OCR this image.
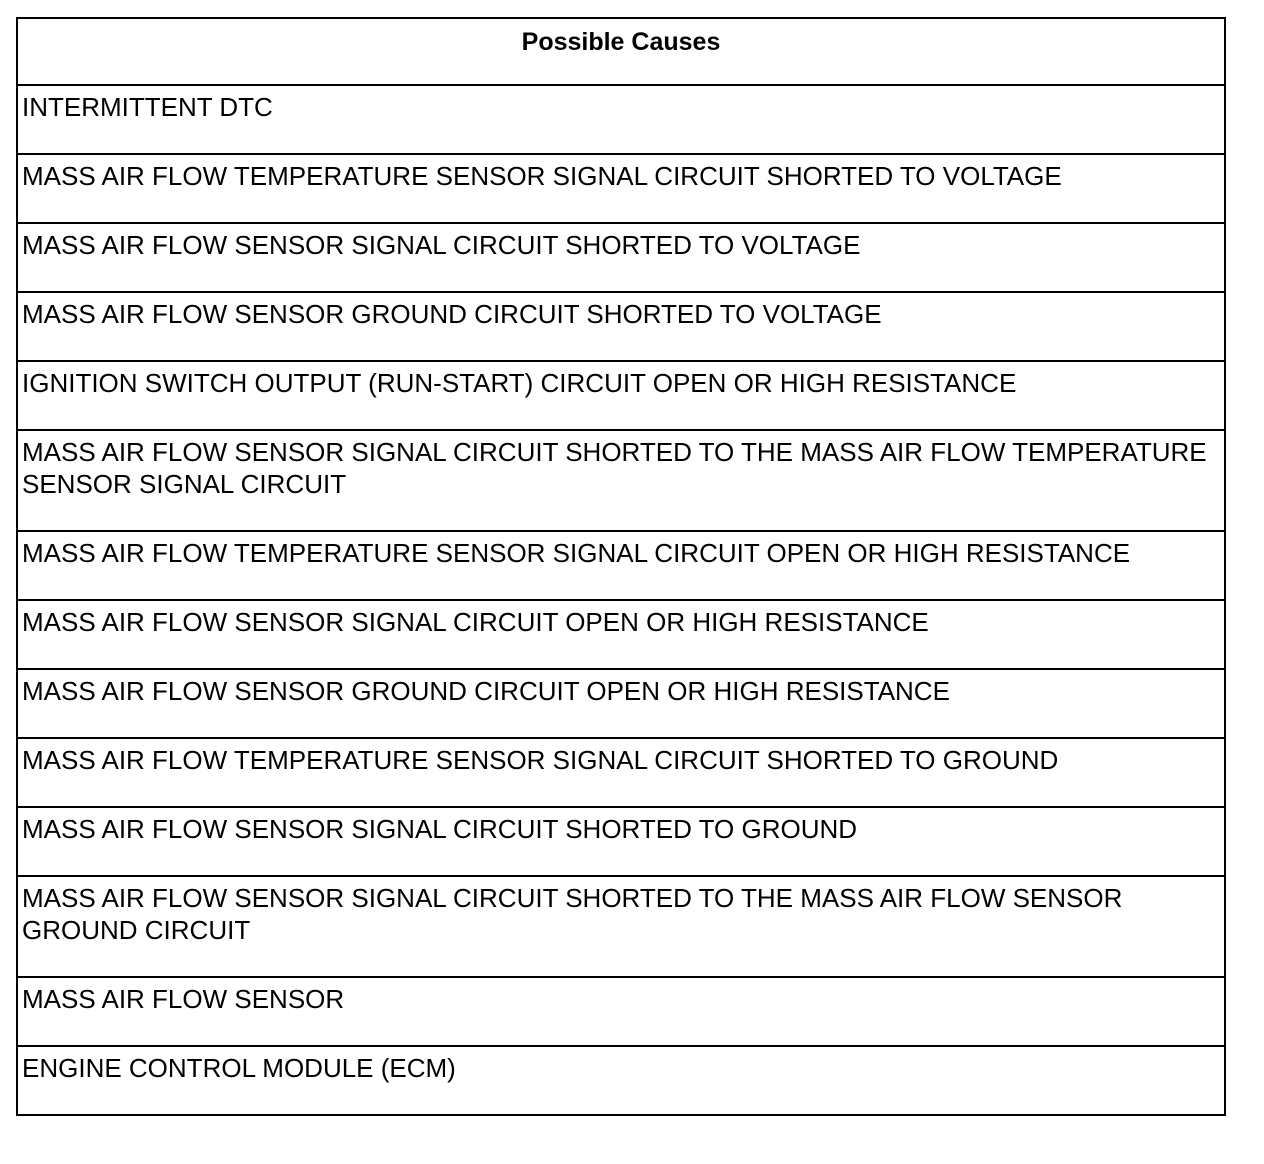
Possible Causes
INTERMITTENT DTC
MASS AIR FLOW TEMPERATURE SENSOR SIGNAL CIRCUIT SHORTED TO VOLTAGE
MASS AIR FLOW SENSOR SIGNAL CIRCUIT SHORTED TO VOLTAGE
MASS AIR FLOW SENSOR GROUND CIRCUIT SHORTED TO VOLTAGE
IGNITION SWITCH OUTPUT (RUN-START) CIRCUIT OPEN OR HIGH RESISTANCE
MASS AIR FLOW SENSOR SIGNAL CIRCUIT SHORTED TO THE MASS AIR FLOW TEMPERATURE SENSOR SIGNAL CIRCUIT
MASS AIR FLOW TEMPERATURE SENSOR SIGNAL CIRCUIT OPEN OR HIGH RESISTANCE
MASS AIR FLOW SENSOR SIGNAL CIRCUIT OPEN OR HIGH RESISTANCE
MASS AIR FLOW SENSOR GROUND CIRCUIT OPEN OR HIGH RESISTANCE
MASS AIR FLOW TEMPERATURE SENSOR SIGNAL CIRCUIT SHORTED TO GROUND
MASS AIR FLOW SENSOR SIGNAL CIRCUIT SHORTED TO GROUND
MASS AIR FLOW SENSOR SIGNAL CIRCUIT SHORTED TO THE MASS AIR FLOW SENSOR GROUND CIRCUIT
MASS AIR FLOW SENSOR
ENGINE CONTROL MODULE (ECM)
